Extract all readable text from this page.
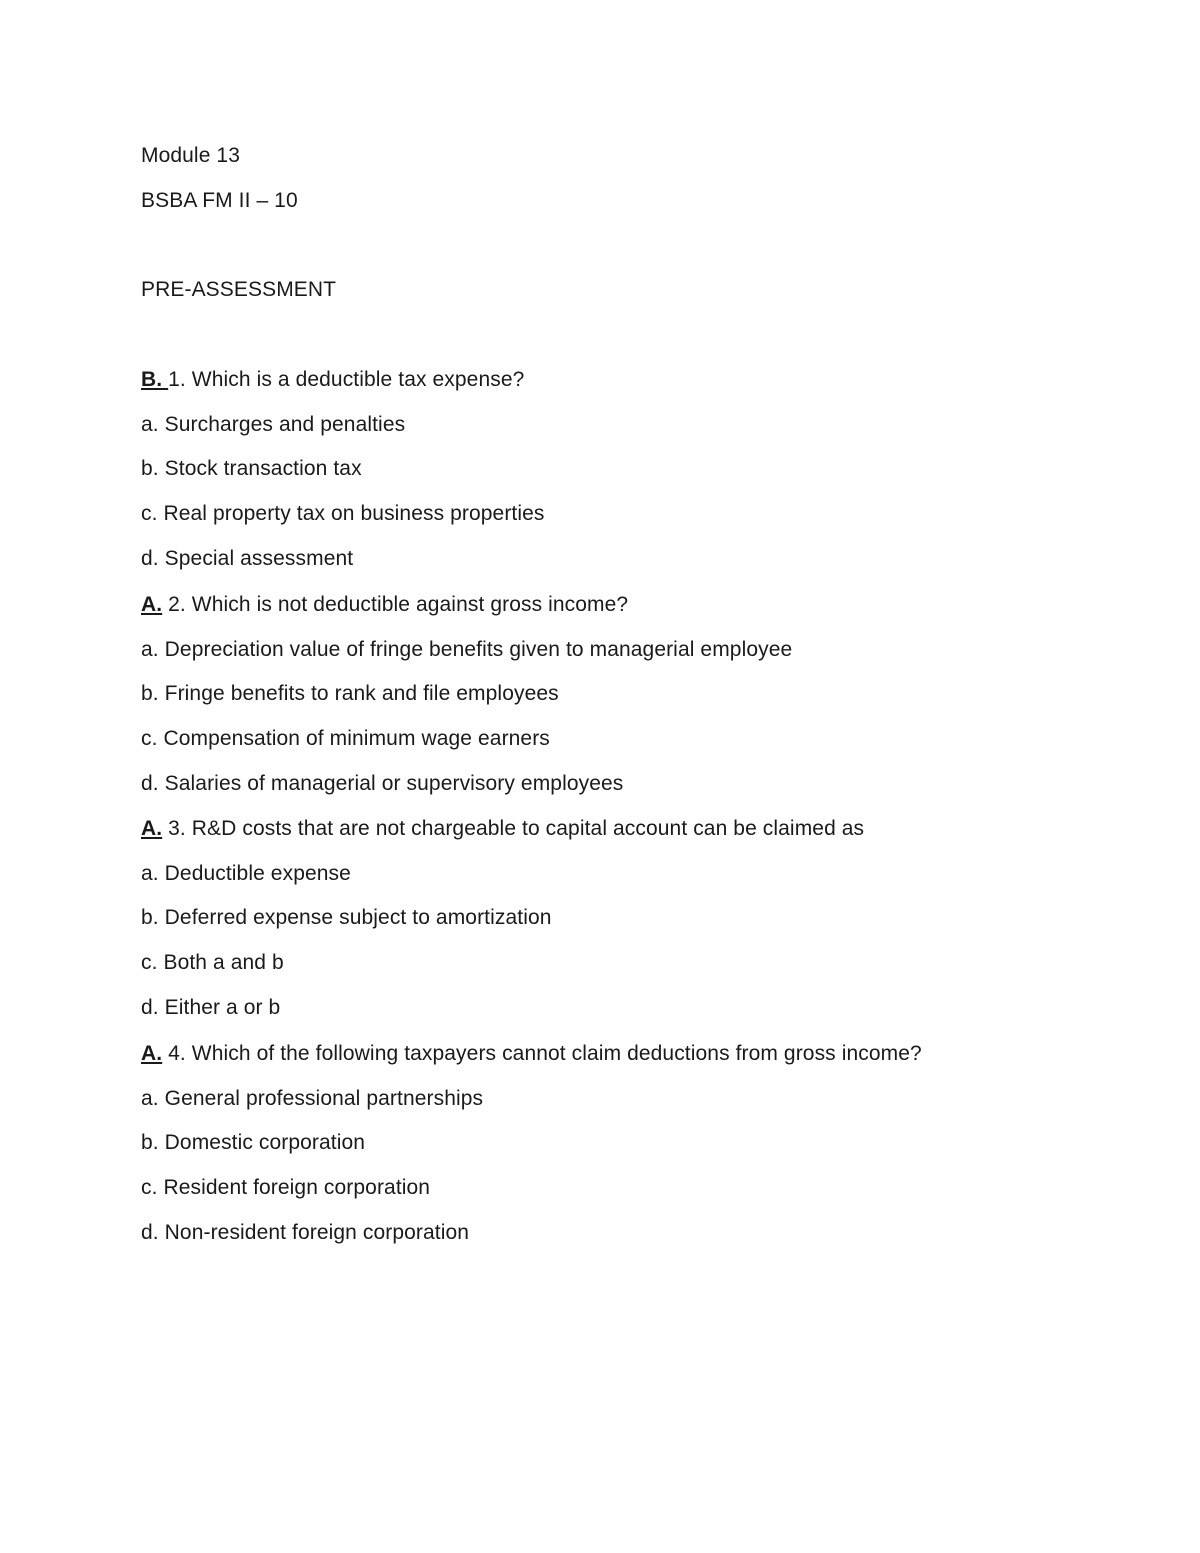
Module 13
BSBA FM II – 10
PRE-ASSESSMENT
B. 1. Which is a deductible tax expense?
a. Surcharges and penalties
b. Stock transaction tax
c. Real property tax on business properties
d. Special assessment
A. 2. Which is not deductible against gross income?
a. Depreciation value of fringe benefits given to managerial employee
b. Fringe benefits to rank and file employees
c. Compensation of minimum wage earners
d. Salaries of managerial or supervisory employees
A. 3. R&D costs that are not chargeable to capital account can be claimed as
a. Deductible expense
b. Deferred expense subject to amortization
c. Both a and b
d. Either a or b
A. 4. Which of the following taxpayers cannot claim deductions from gross income?
a. General professional partnerships
b. Domestic corporation
c. Resident foreign corporation
d. Non-resident foreign corporation
